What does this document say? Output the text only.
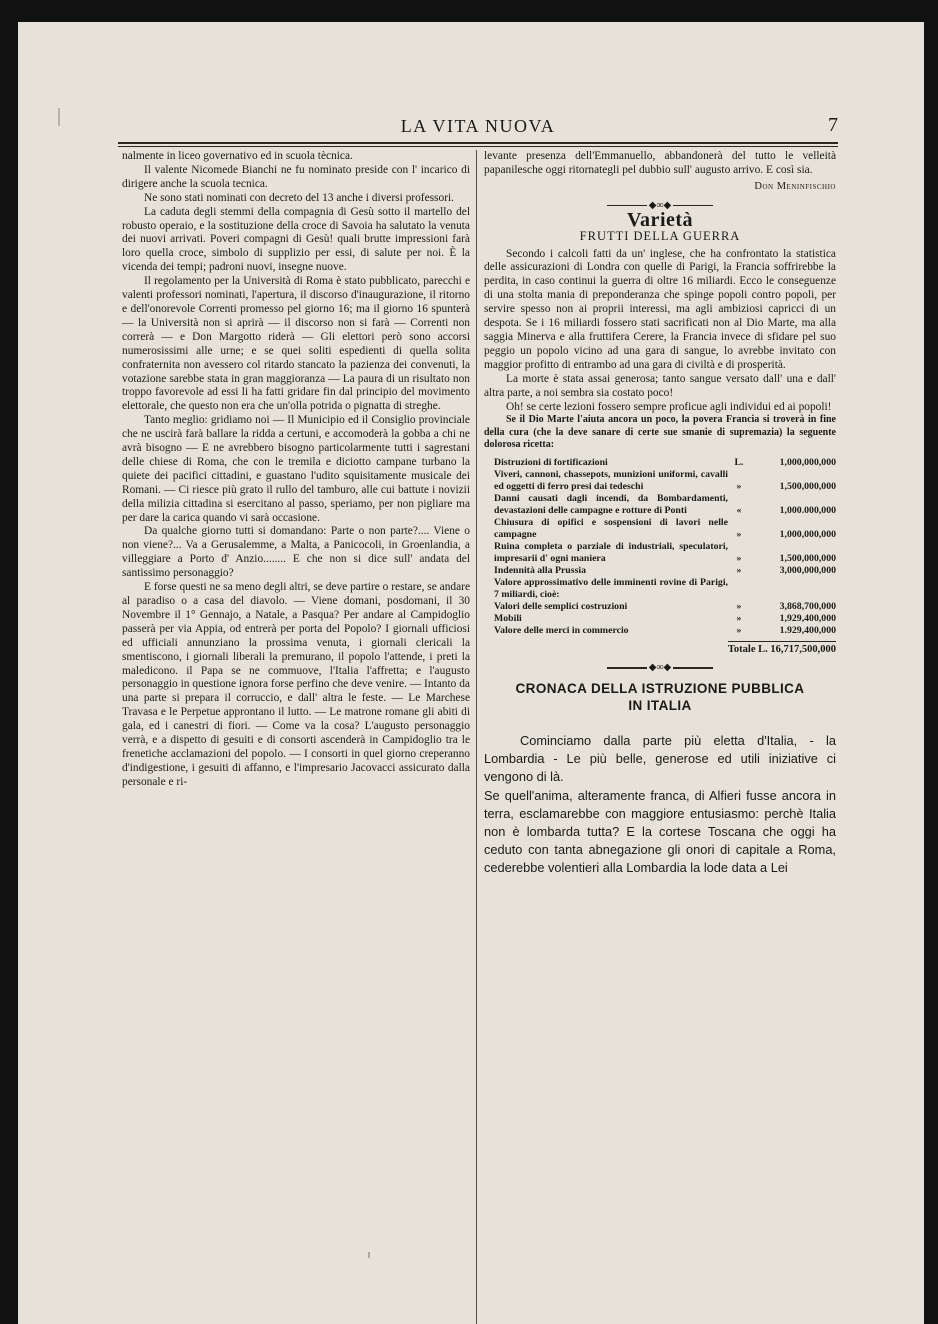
LA VITA NUOVA	7

nalmente in liceo governativo ed in scuola tècnica.

Il valente Nicomede Bianchi ne fu nominato preside con l' incarico di dirigere anche la scuola tecnica.

Ne sono stati nominati con decreto del 13 anche i diversi professori.

La caduta degli stemmi della compagnia di Gesù sotto il martello del robusto operaio, e la sostituzione della croce di Savoia ha salutato la venuta dei nuovi arrivati. Poveri compagni di Gesù! quali brutte impressioni farà loro quella croce, simbolo di supplizio per essi, di salute per noi. È la vicenda dei tempi; padroni nuovi, insegne nuove.

Il regolamento per la Università di Roma è stato pubblicato, parecchi e valenti professori nominati, l'apertura, il discorso d'inaugurazione, il ritorno e dell'onorevole Correnti promesso pel giorno 16; ma il giorno 16 spunterà — la Università non si aprirà — il discorso non si farà — Correnti non correrà — e Don Margotto riderà — Gli elettori però sono accorsi numerosissimi alle urne; e se quei soliti espedienti di quella solita confraternita non avessero col ritardo stancato la pazienza dei convenuti, la votazione sarebbe stata in gran maggioranza — La paura di un risultato non troppo favorevole ad essi li ha fatti gridare fin dal principio del movimento elettorale, che questo non era che un'olla potrida o pignatta di streghe.

Tanto meglio: gridiamo noi — Il Municipio ed il Consiglio provinciale che ne uscirà farà ballare la ridda a certuni, e accomoderà la gobba a chi ne avrà bisogno — E ne avrebbero bisogno particolarmente tutti i sagrestani delle chiese di Roma, che con le tremila e diciotto campane turbano la quiete dei pacifici cittadini, e guastano l'udito squisitamente musicale dei Romani. — Ci riesce più grato il rullo del tamburo, alle cui battute i novizii della milizia cittadina si esercitano al passo, speriamo, per non pigliare ma per dare la carica quando vi sarà occasione.

Da qualche giorno tutti si domandano: Parte o non parte?.... Viene o non viene?... Va a Gerusalemme, a Malta, a Panicocoli, in Groenlandia, a villeggiare a Porto d' Anzio........ E che non si dice sull' andata del santissimo personaggio?

E forse questi ne sa meno degli altri, se deve partire o restare, se andare al paradiso o a casa del diavolo. — Viene domani, posdomani, il 30 Novembre il 1° Gennajo, a Natale, a Pasqua? Per andare al Campidoglio passerà per via Appia, od entrerà per porta del Popolo? I giornali ufficiosi ed ufficiali annunziano la prossima venuta, i giornali clericali la smentiscono, i giornali liberali la premurano, il popolo l'attende, i preti la maledicono. il Papa se ne commuove, l'Italia l'affretta; e l'augusto personaggio in questione ignora forse perfino che deve venire. — Intanto da una parte si prepara il corruccio, e dall' altra le feste. — Le Marchese Travasa e le Perpetue approntano il lutto. — Le matrone romane gli abiti di gala, ed i canestri di fiori. — Come va la cosa? L'augusto personaggio verrà, e a dispetto di gesuiti e di consorti ascenderà in Campidoglio tra le frenetiche acclamazioni del popolo. — I consorti in quel giorno creperanno d'indigestione, i gesuiti di affanno, e l'impresario Jacovacci assicurato dalla personale e ri-

levante presenza dell'Emmanuello, abbandonerà del tutto le velleità papanilesche oggi ritornategli pel dubbio sull' augusto arrivo. E così sia.

Don Meninfischio
◆∞◆
Varietà
FRUTTI DELLA GUERRA

Secondo i calcoli fatti da un' inglese, che ha confrontato la statistica delle assicurazioni di Londra con quelle di Parigi, la Francia soffrirebbe la perdita, in caso continui la guerra di oltre 16 miliardi. Ecco le conseguenze di una stolta mania di preponderanza che spinge popoli contro popoli, per servire spesso non ai proprii interessi, ma agli ambiziosi capricci di un despota. Se i 16 miliardi fossero stati sacrificati non al Dio Marte, ma alla saggia Minerva e alla fruttifera Cerere, la Francia invece di sfidare pel suo peggio un popolo vicino ad una gara di sangue, lo avrebbe invitato con maggior profitto di entrambo ad una gara di civiltà e di prosperità.

La morte è stata assai generosa; tanto sangue versato dall' una e dall' altra parte, a noi sembra sia costato poco!

Oh! se certe lezioni fossero sempre proficue agli individui ed ai popoli!

Se il Dio Marte l'aiuta ancora un poco, la povera Francia si troverà in fine della cura (che la deve sanare di certe sue smanie di supremazia) la seguente dolorosa ricetta:

Distruzioni di fortificazioni	L.	1,000,000,000
Viveri, cannoni, chassepots, munizioni uniformi, cavalli ed oggetti di ferro presi dai tedeschi	»	1,500,000,000
Danni causati dagli incendi, da Bombardamenti, devastazioni delle campagne e rotture di Ponti	«	1,000.000,000
Chiusura di opifici e sospensioni di lavori nelle campagne	»	1,000,000,000
Ruina completa o parziale di industriali, speculatori, impresarii d' ogni maniera	»	1,500,000,000
Indennità alla Prussia	»	3,000,000,000
Valore approssimativo delle imminenti rovine di Parigi, 7 miliardi, cioè:
Valori delle semplici costruzioni	»	3,868,700,000
Mobili	»	1,929,400,000
Valore delle merci in commercio	»	1.929,400,000
Totale L. 16,717,500,000
◆∞◆
CRONACA DELLA ISTRUZIONE PUBBLICA
IN ITALIA

Cominciamo dalla parte più eletta d'Italia, - la Lombardia - Le più belle, generose ed utili iniziative ci vengono di là.

Se quell'anima, alteramente franca, di Alfieri fusse ancora in terra, esclamarebbe con maggiore entusiasmo: perchè Italia non è lombarda tutta? E la cortese Toscana che oggi ha ceduto con tanta abnegazione gli onori di capitale a Roma, cederebbe volentieri alla Lombardia la lode data a Lei
